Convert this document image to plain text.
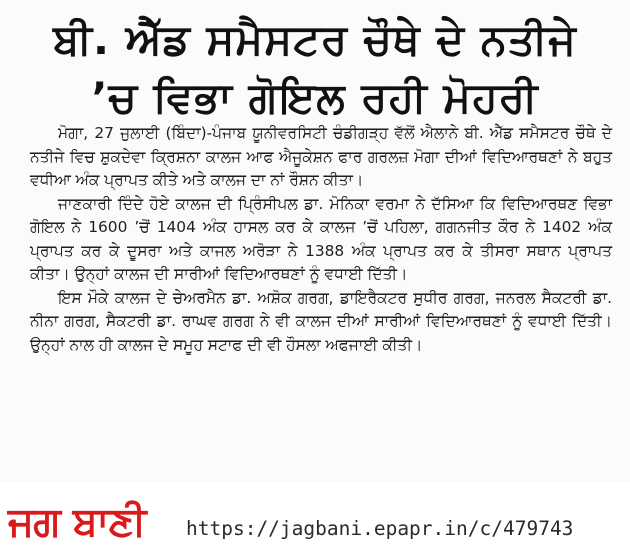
ਬੀ. ਐੱਡ ਸਮੈਸਟਰ ਚੌਥੇ ਦੇ ਨਤੀਜੇ
’ਚ ਵਿਭਾ ਗੋਇਲ ਰਹੀ ਮੋਹਰੀ

ਮੋਗਾ, 27 ਜੁਲਾਈ (ਬਿੰਦਾ)-ਪੰਜਾਬ ਯੂਨੀਵਰਸਿਟੀ ਚੰਡੀਗੜ੍ਹ ਵੱਲੋਂ ਐਲਾਨੇ ਬੀ. ਐੱਡ ਸਮੈਸਟਰ ਚੌਥੇ ਦੇ ਨਤੀਜੇ ਵਿਚ ਸ਼ੁਕਦੇਵਾ ਕ੍ਰਿਸ਼ਨਾ ਕਾਲਜ ਆਫ ਐਜੂਕੇਸ਼ਨ ਫਾਰ ਗਰਲਜ਼ ਮੋਗਾ ਦੀਆਂ ਵਿਦਿਆਰਥਣਾਂ ਨੇ ਬਹੁਤ ਵਧੀਆ ਅੰਕ ਪ੍ਰਾਪਤ ਕੀਤੇ ਅਤੇ ਕਾਲਜ ਦਾ ਨਾਂ ਰੌਸ਼ਨ ਕੀਤਾ।

ਜਾਣਕਾਰੀ ਦਿੰਦੇ ਹੋਏ ਕਾਲਜ ਦੀ ਪ੍ਰਿੰਸੀਪਲ ਡਾ. ਮੋਨਿਕਾ ਵਰਮਾ ਨੇ ਦੱਸਿਆ ਕਿ ਵਿਦਿਆਰਥਣ ਵਿਭਾ ਗੋਇਲ ਨੇ 1600 ’ਚੋਂ 1404 ਅੰਕ ਹਾਸਲ ਕਰ ਕੇ ਕਾਲਜ ’ਚੋਂ ਪਹਿਲਾ, ਗਗਨਜੀਤ ਕੌਰ ਨੇ 1402 ਅੰਕ ਪ੍ਰਾਪਤ ਕਰ ਕੇ ਦੂਸਰਾ ਅਤੇ ਕਾਜਲ ਅਰੋੜਾ ਨੇ 1388 ਅੰਕ ਪ੍ਰਾਪਤ ਕਰ ਕੇ ਤੀਸਰਾ ਸਥਾਨ ਪ੍ਰਾਪਤ ਕੀਤਾ। ਉਨ੍ਹਾਂ ਕਾਲਜ ਦੀ ਸਾਰੀਆਂ ਵਿਦਿਆਰਥਣਾਂ ਨੂੰ ਵਧਾਈ ਦਿੱਤੀ।

ਇਸ ਮੌਕੇ ਕਾਲਜ ਦੇ ਚੇਅਰਮੈਨ ਡਾ. ਅਸ਼ੋਕ ਗਰਗ, ਡਾਇਰੈਕਟਰ ਸੁਧੀਰ ਗਰਗ, ਜਨਰਲ ਸੈਕਟਰੀ ਡਾ. ਨੀਨਾ ਗਰਗ, ਸੈਕਟਰੀ ਡਾ. ਰਾਘਵ ਗਰਗ ਨੇ ਵੀ ਕਾਲਜ ਦੀਆਂ ਸਾਰੀਆਂ ਵਿਦਿਆਰਥਣਾਂ ਨੂੰ ਵਧਾਈ ਦਿੱਤੀ। ਉਨ੍ਹਾਂ ਨਾਲ ਹੀ ਕਾਲਜ ਦੇ ਸਮੂਹ ਸਟਾਫ ਦੀ ਵੀ ਹੌਸਲਾ ਅਫਜਾਈ ਕੀਤੀ।

ਜਗ ਬਾਣੀ https://jagbani.epapr.in/c/479743
